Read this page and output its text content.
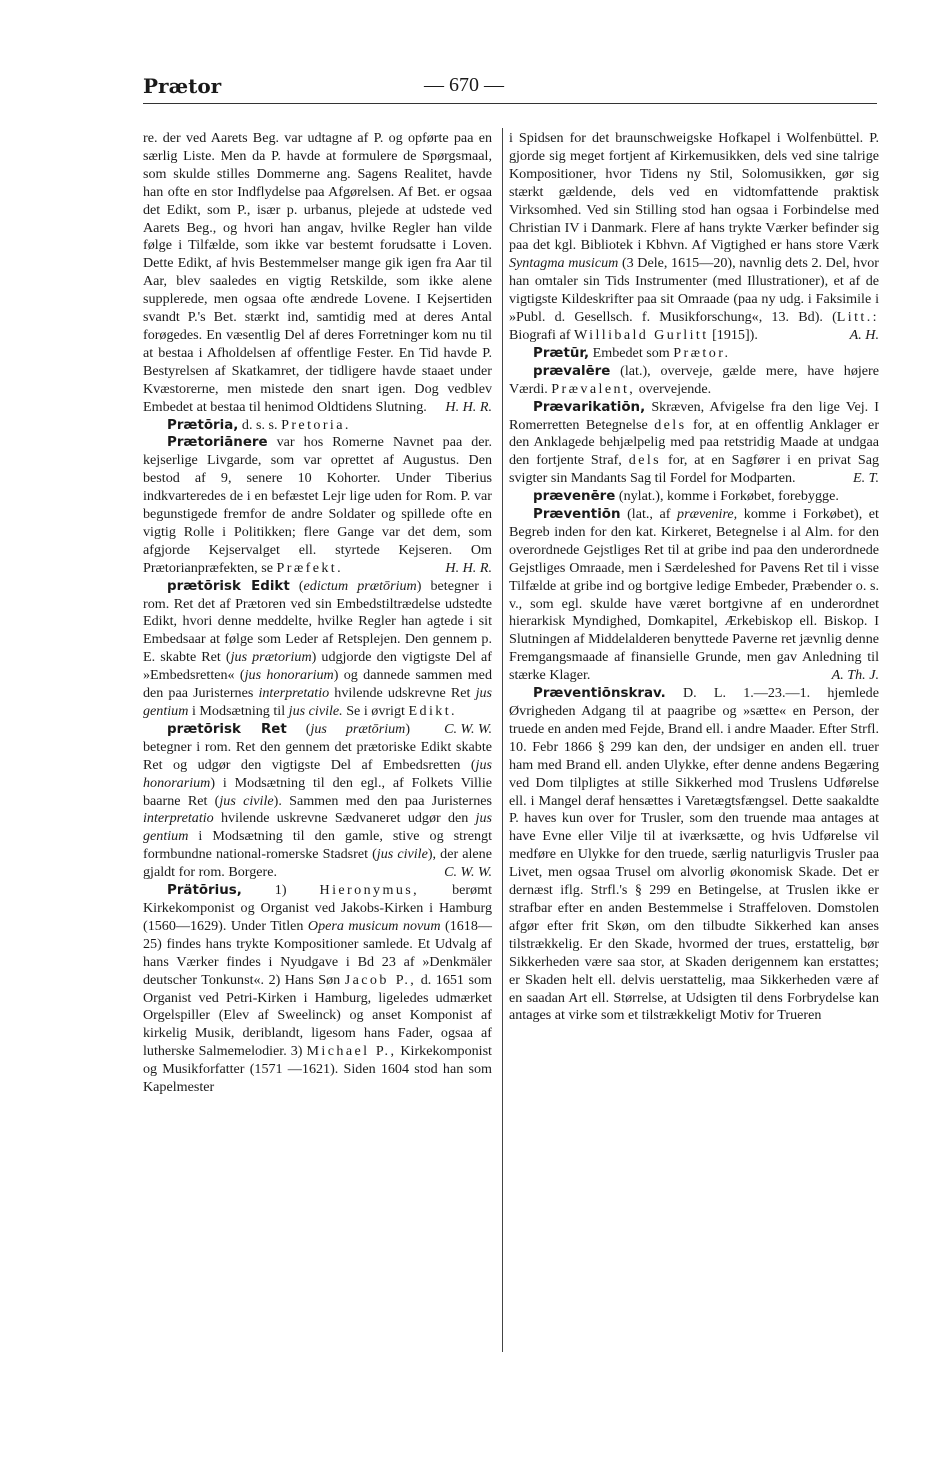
Prætor	— 670 —

re. der ved Aarets Beg. var udtagne af P. og opførte paa en særlig Liste. Men da P. havde at formulere de Spørgsmaal, som skulde stilles Dommerne ang. Sagens Realitet, havde han ofte en stor Indflydelse paa Afgørelsen. Af Bet. er ogsaa det Edikt, som P., især p. urbanus, plejede at udstede ved Aarets Beg., og hvori han angav, hvilke Regler han vilde følge i Tilfælde, som ikke var bestemt forudsatte i Loven. Dette Edikt, af hvis Bestemmelser mange gik igen fra Aar til Aar, blev saaledes en vigtig Retskilde, som ikke alene supplerede, men ogsaa ofte ændrede Lovene. I Kejsertiden svandt P.'s Bet. stærkt ind, samtidig med at deres Antal forøgedes. En væsentlig Del af deres Forretninger kom nu til at bestaa i Afholdelsen af offentlige Fester. En Tid havde P. Bestyrelsen af Skatkamret, der tidligere havde staaet under Kvæstorerne, men mistede den snart igen. Dog vedblev Embedet at bestaa til henimod Oldtidens Slutning.	H. H. R.

Prætōria, d. s. s. Pretoria.

Prætoriānere var hos Romerne Navnet paa der. kejserlige Livgarde, som var oprettet af Augustus. Den bestod af 9, senere 10 Kohorter. Under Tiberius indkvarteredes de i en befæstet Lejr lige uden for Rom. P. var begunstigede fremfor de andre Soldater og spillede ofte en vigtig Rolle i Politikken; flere Gange var det dem, som afgjorde Kejservalget ell. styrtede Kejseren. Om Prætorianpræfekten, se Præfekt.	H. H. R.

prætōrisk Edikt (edictum prætōrium) betegner i rom. Ret det af Prætoren ved sin Embedstiltrædelse udstedte Edikt, hvori denne meddelte, hvilke Regler han agtede i sit Embedsaar at følge som Leder af Retsplejen. Den gennem p. E. skabte Ret (jus prætorium) udgjorde den vigtigste Del af »Embedsretten« (jus honorarium) og dannede sammen med den paa Juristernes interpretatio hvilende udskrevne Ret jus gentium i Modsætning til jus civile. Se i øvrigt Edikt.
C. W. W.

prætōrisk Ret (jus prætōrium) betegner i rom. Ret den gennem det prætoriske Edikt skabte Ret og udgør den vigtigste Del af Embedsretten (jus honorarium) i Modsætning til den egl., af Folkets Villie baarne Ret (jus civile). Sammen med den paa Juristernes interpretatio hvilende uskrevne Sædvaneret udgør den jus gentium i Modsætning til den gamle, stive og strengt formbundne national-romerske Stadsret (jus civile), der alene gjaldt for rom. Borgere.	C. W. W.

Prätōrius, 1) Hieronymus, berømt Kirkekomponist og Organist ved Jakobs-Kirken i Hamburg (1560—1629). Under Titlen Opera musicum novum (1618—25) findes hans trykte Kompositioner samlede. Et Udvalg af hans Værker findes i Nyudgave i Bd 23 af »Denkmäler deutscher Tonkunst«. 2) Hans Søn Jacob P., d. 1651 som Organist ved Petri-Kirken i Hamburg, ligeledes udmærket Orgelspiller (Elev af Sweelinck) og anset Komponist af kirkelig Musik, deriblandt, ligesom hans Fader, ogsaa af lutherske Salmemelodier. 3) Michael P., Kirkekomponist og Musikforfatter (1571 —1621). Siden 1604 stod han som Kapelmester

i Spidsen for det braunschweigske Hofkapel i Wolfenbüttel. P. gjorde sig meget fortjent af Kirkemusikken, dels ved sine talrige Kompositioner, hvor Tidens ny Stil, Solomusikken, gør sig stærkt gældende, dels ved en vidtomfattende praktisk Virksomhed. Ved sin Stilling stod han ogsaa i Forbindelse med Christian IV i Danmark. Flere af hans trykte Værker befinder sig paa det kgl. Bibliotek i Kbhvn. Af Vigtighed er hans store Værk Syntagma musicum (3 Dele, 1615—20), navnlig dets 2. Del, hvor han omtaler sin Tids Instrumenter (med Illustrationer), et af de vigtigste Kildeskrifter paa sit Omraade (paa ny udg. i Faksimile i »Publ. d. Gesellsch. f. Musikforschung«, 13. Bd). (Litt.: Biografi af Willibald Gurlitt [1915]).	A. H.

Prætūr, Embedet som Prætor.

prævalēre (lat.), overveje, gælde mere, have højere Værdi. Prævalent, overvejende.

Prævarikatiōn, Skræven, Afvigelse fra den lige Vej. I Romerretten Betegnelse dels for, at en offentlig Anklager er den Anklagede behjælpelig med paa retstridig Maade at undgaa den fortjente Straf, dels for, at en Sagfører i en privat Sag svigter sin Mandants Sag til Fordel for Modparten.	E. T.

prævenēre (nylat.), komme i Forkøbet, forebygge.

Præventiōn (lat., af prævenire, komme i Forkøbet), et Begreb inden for den kat. Kirkeret, Betegnelse i al Alm. for den overordnede Gejstliges Ret til at gribe ind paa den underordnede Gejstliges Omraade, men i Særdeleshed for Pavens Ret til i visse Tilfælde at gribe ind og bortgive ledige Embeder, Præbender o. s. v., som egl. skulde have været bortgivne af en underordnet hierarkisk Myndighed, Domkapitel, Ærkebiskop ell. Biskop. I Slutningen af Middelalderen benyttede Paverne ret jævnlig denne Fremgangsmaade af finansielle Grunde, men gav Anledning til stærke Klager.	A. Th. J.

Præventiōnskrav. D. L. 1.—23.—1. hjemlede Øvrigheden Adgang til at paagribe og »sætte« en Person, der truede en anden med Fejde, Brand ell. i andre Maader. Efter Strfl. 10. Febr 1866 § 299 kan den, der undsiger en anden ell. truer ham med Brand ell. anden Ulykke, efter denne andens Begæring ved Dom tilpligtes at stille Sikkerhed mod Truslens Udførelse ell. i Mangel deraf hensættes i Varetægtsfængsel. Dette saakaldte P. haves kun over for Trusler, som den truende maa antages at have Evne eller Vilje til at iværksætte, og hvis Udførelse vil medføre en Ulykke for den truede, særlig naturligvis Trusler paa Livet, men ogsaa Trusel om alvorlig økonomisk Skade. Det er dernæst iflg. Strfl.'s § 299 en Betingelse, at Truslen ikke er strafbar efter en anden Bestemmelse i Straffeloven. Domstolen afgør efter frit Skøn, om den tilbudte Sikkerhed kan anses tilstrækkelig. Er den Skade, hvormed der trues, erstattelig, bør Sikkerheden være saa stor, at Skaden derigennem kan erstattes; er Skaden helt ell. delvis uerstattelig, maa Sikkerheden være af en saadan Art ell. Størrelse, at Udsigten til dens Forbrydelse kan antages at virke som et tilstrækkeligt Motiv for Trueren
